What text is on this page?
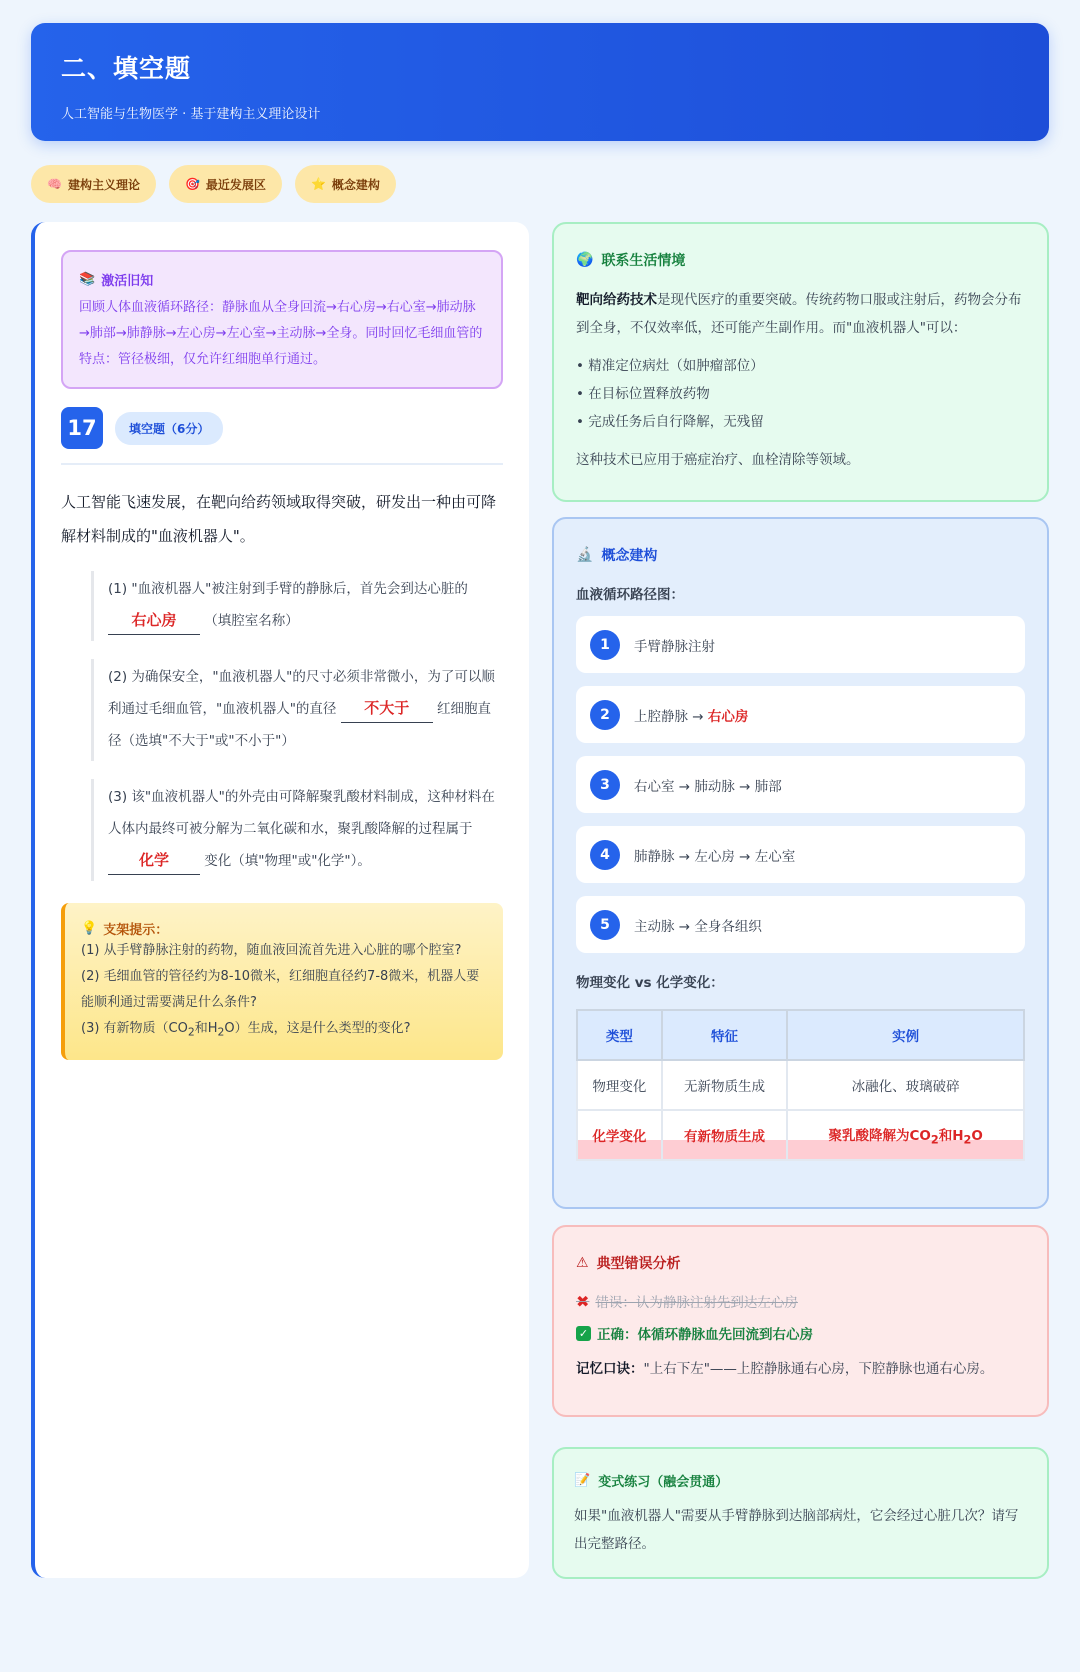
二、填空题

人工智能与生物医学 · 基于建构主义理论设计

🧠 建构主义理论	🎯 最近发展区	⭐ 概念建构
📚 激活旧知
回顾人体血液循环路径：静脉血从全身回流→右心房→右心室→肺动脉→肺部→肺静脉→左心房→左心室→主动脉→全身。同时回忆毛细血管的特点：管径极细，仅允许红细胞单行通过。
17	填空题（6分）
人工智能飞速发展，在靶向给药领域取得突破，研发出一种由可降解材料制成的"血液机器人"。
(1) "血液机器人"被注射到手臂的静脉后，首先会到达心脏的
右心房 （填腔室名称）
(2) 为确保安全，"血液机器人"的尺寸必须非常微小，为了可以顺利通过毛细血管，"血液机器人"的直径 不大于 红细胞直径（选填"不大于"或"不小于"）
(3) 该"血液机器人"的外壳由可降解聚乳酸材料制成，这种材料在人体内最终可被分解为二氧化碳和水，聚乳酸降解的过程属于 化学	变化（填"物理"或"化学"）。
💡 支架提示：
(1) 从手臂静脉注射的药物，随血液回流首先进入心脏的哪个腔室?
(2) 毛细血管的管径约为8-10微米，红细胞直径约7-8微米，机器人要能顺利通过需要满足什么条件?
(3) 有新物质（$CO_2$和$H_2O$）生成，这是什么类型的变化?
🌍 联系生活情境
靶向给药技术是现代医疗的重要突破。传统药物口服或注射后，药物会分布到全身，不仅效率低，还可能产生副作用。而"血液机器人"可以：
• 精准定位病灶（如肿瘤部位）
• 在目标位置释放药物
• 完成任务后自行降解，无残留
这种技术已应用于癌症治疗、血栓清除等领域。
🔬 概念建构
血液循环路径图：
1	手臂静脉注射
2	上腔静脉 → 右心房
3	右心室 → 肺动脉 → 肺部
4	肺静脉 → 左心房 → 左心室
5	主动脉 → 全身各组织
物理变化 vs 化学变化：
类型	特征	实例
物理变化	无新物质生成	冰融化、玻璃破碎
化学变化	有新物质生成	聚乳酸降解为$CO_2$和$H_2O$
⚠ 典型错误分析
✖ 错误：认为静脉注射先到达左心房
✓ 正确：体循环静脉血先回流到右心房
记忆口诀："上右下左"——上腔静脉通右心房，下腔静脉也通右心房。
📝 变式练习（融会贯通）
如果"血液机器人"需要从手臂静脉到达脑部病灶，它会经过心脏几次？请写出完整路径。
